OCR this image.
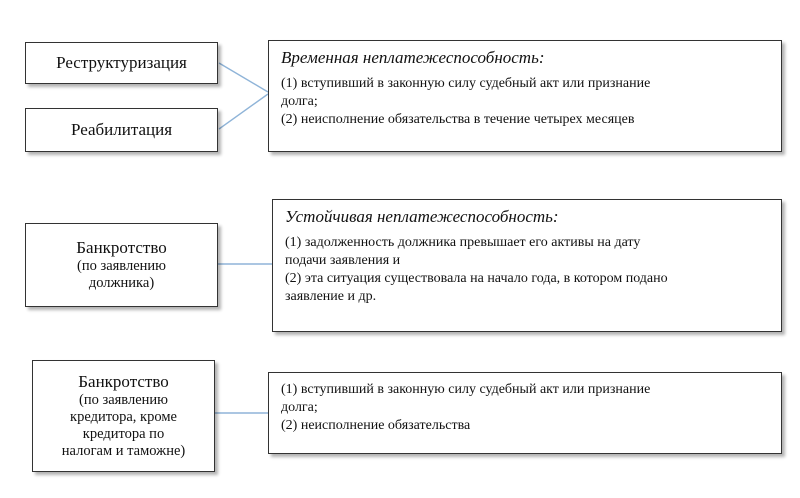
Реструктуризация
Реабилитация
Временная неплатежеспособность:
(1) вступивший в законную силу судебный акт или признание
долга;
(2) неисполнение обязательства в течение четырех месяцев
Банкротство
(по заявлению
должника)
Устойчивая неплатежеспособность:
(1) задолженность должника превышает его активы на дату
подачи заявления и
(2) эта ситуация существовала на начало года, в котором подано
заявление и др.
Банкротство
(по заявлению
кредитора, кроме
кредитора по
налогам и таможне)
(1) вступивший в законную силу судебный акт или признание
долга;
(2) неисполнение обязательства
